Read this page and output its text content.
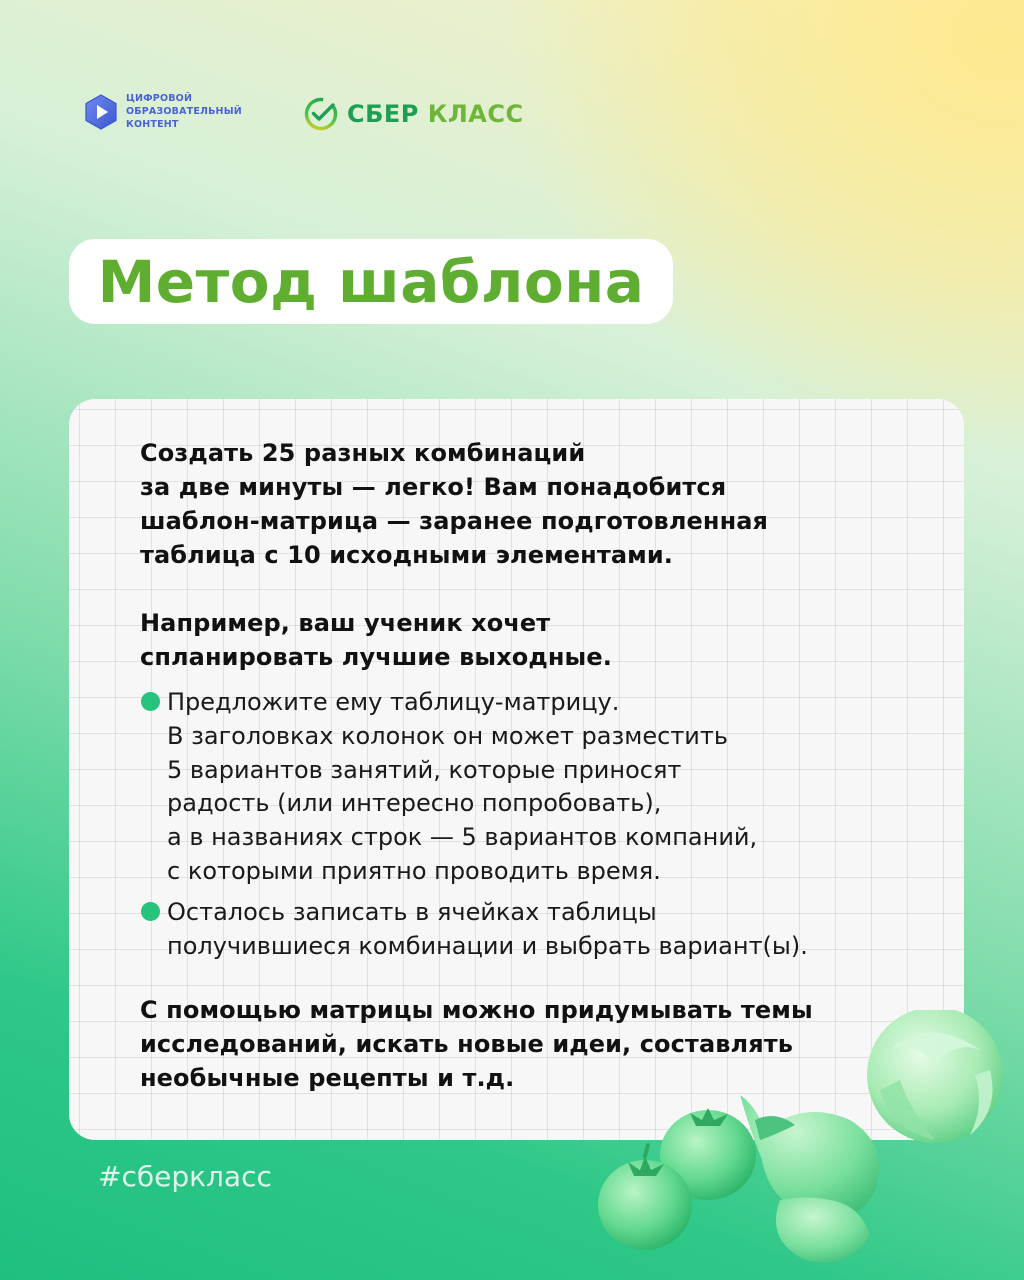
ЦИФРОВОЙ
ОБРАЗОВАТЕЛЬНЫЙ
КОНТЕНТ	СБЕР КЛАСС
Метод шаблона
Создать 25 разных комбинаций
за две минуты — легко! Вам понадобится
шаблон-матрица — заранее подготовленная
таблица с 10 исходными элементами.
Например, ваш ученик хочет
спланировать лучшие выходные.
Предложите ему таблицу-матрицу.
В заголовках колонок он может разместить
5 вариантов занятий, которые приносят
радость (или интересно попробовать),
а в названиях строк — 5 вариантов компаний,
с которыми приятно проводить время.
Осталось записать в ячейках таблицы
получившиеся комбинации и выбрать вариант(ы).
С помощью матрицы можно придумывать темы
исследований, искать новые идеи, составлять
необычные рецепты и т.д.
#сберкласс
